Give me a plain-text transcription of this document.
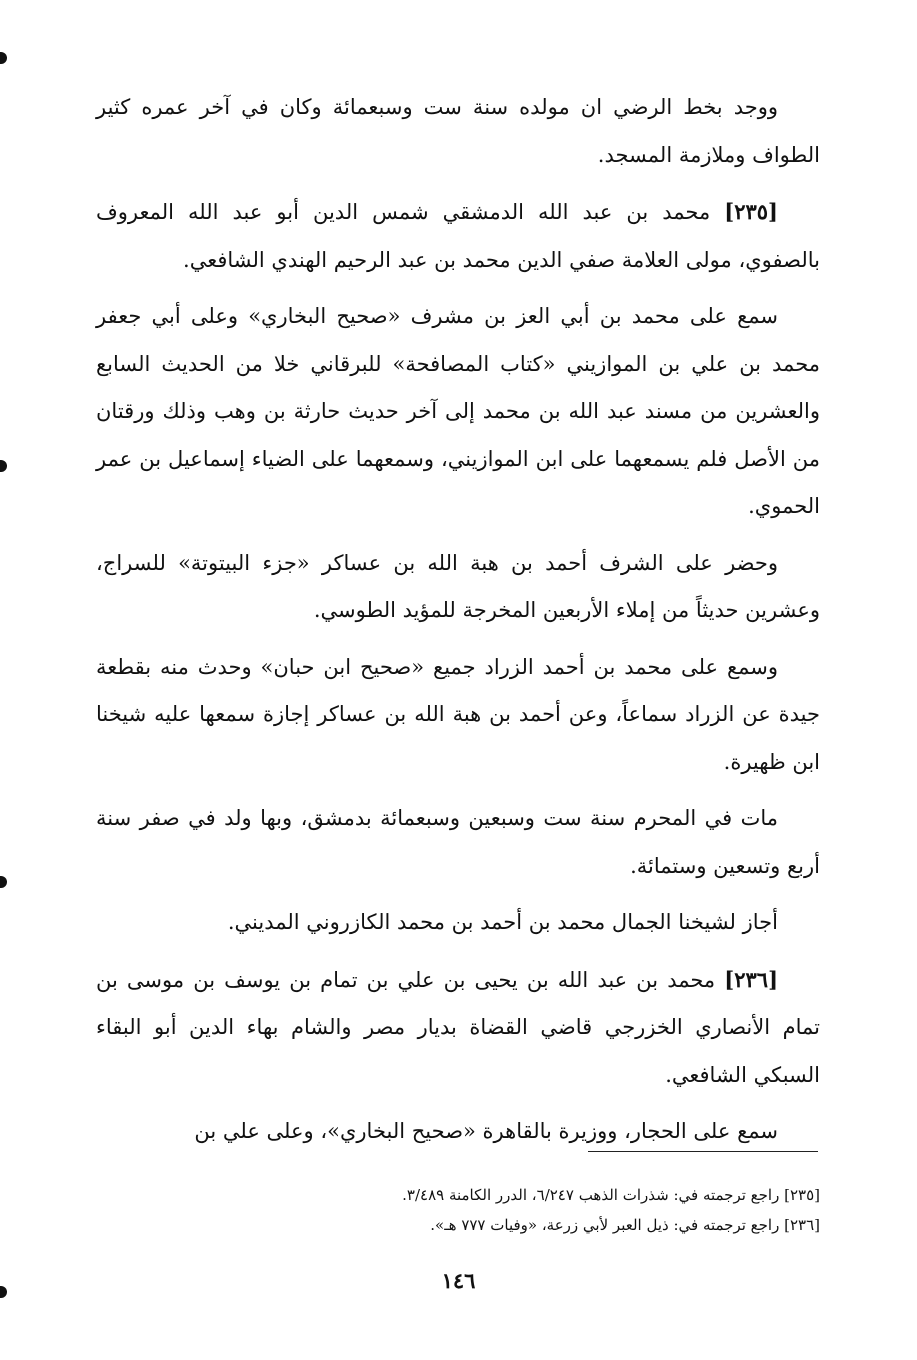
ووجد بخط الرضي ان مولده سنة ست وسبعمائة وكان في آخر عمره كثير الطواف وملازمة المسجد.

[٢٣٥] محمد بن عبد الله الدمشقي شمس الدين أبو عبد الله المعروف بالصفوي، مولى العلامة صفي الدين محمد بن عبد الرحيم الهندي الشافعي.

سمع على محمد بن أبي العز بن مشرف «صحيح البخاري» وعلى أبي جعفر محمد بن علي بن الموازيني «كتاب المصافحة» للبرقاني خلا من الحديث السابع والعشرين من مسند عبد الله بن محمد إلى آخر حديث حارثة بن وهب وذلك ورقتان من الأصل فلم يسمعهما على ابن الموازيني، وسمعهما على الضياء إسماعيل بن عمر الحموي.

وحضر على الشرف أحمد بن هبة الله بن عساكر «جزء البيتوتة» للسراج، وعشرين حديثاً من إملاء الأربعين المخرجة للمؤيد الطوسي.

وسمع على محمد بن أحمد الزراد جميع «صحيح ابن حبان» وحدث منه بقطعة جيدة عن الزراد سماعاً، وعن أحمد بن هبة الله بن عساكر إجازة سمعها عليه شيخنا ابن ظهيرة.

مات في المحرم سنة ست وسبعين وسبعمائة بدمشق، وبها ولد في صفر سنة أربع وتسعين وستمائة.

أجاز لشيخنا الجمال محمد بن أحمد بن محمد الكازروني المديني.

[٢٣٦] محمد بن عبد الله بن يحيى بن علي بن تمام بن يوسف بن موسى بن تمام الأنصاري الخزرجي قاضي القضاة بديار مصر والشام بهاء الدين أبو البقاء السبكي الشافعي.

سمع على الحجار، ووزيرة بالقاهرة «صحيح البخاري»، وعلى علي بن

[٢٣٥] راجع ترجمته في: شذرات الذهب ٦/٢٤٧، الدرر الكامنة ٣/٤٨٩.

[٢٣٦] راجع ترجمته في: ذيل العبر لأبي زرعة، «وفيات ٧٧٧ هـ».

١٤٦
